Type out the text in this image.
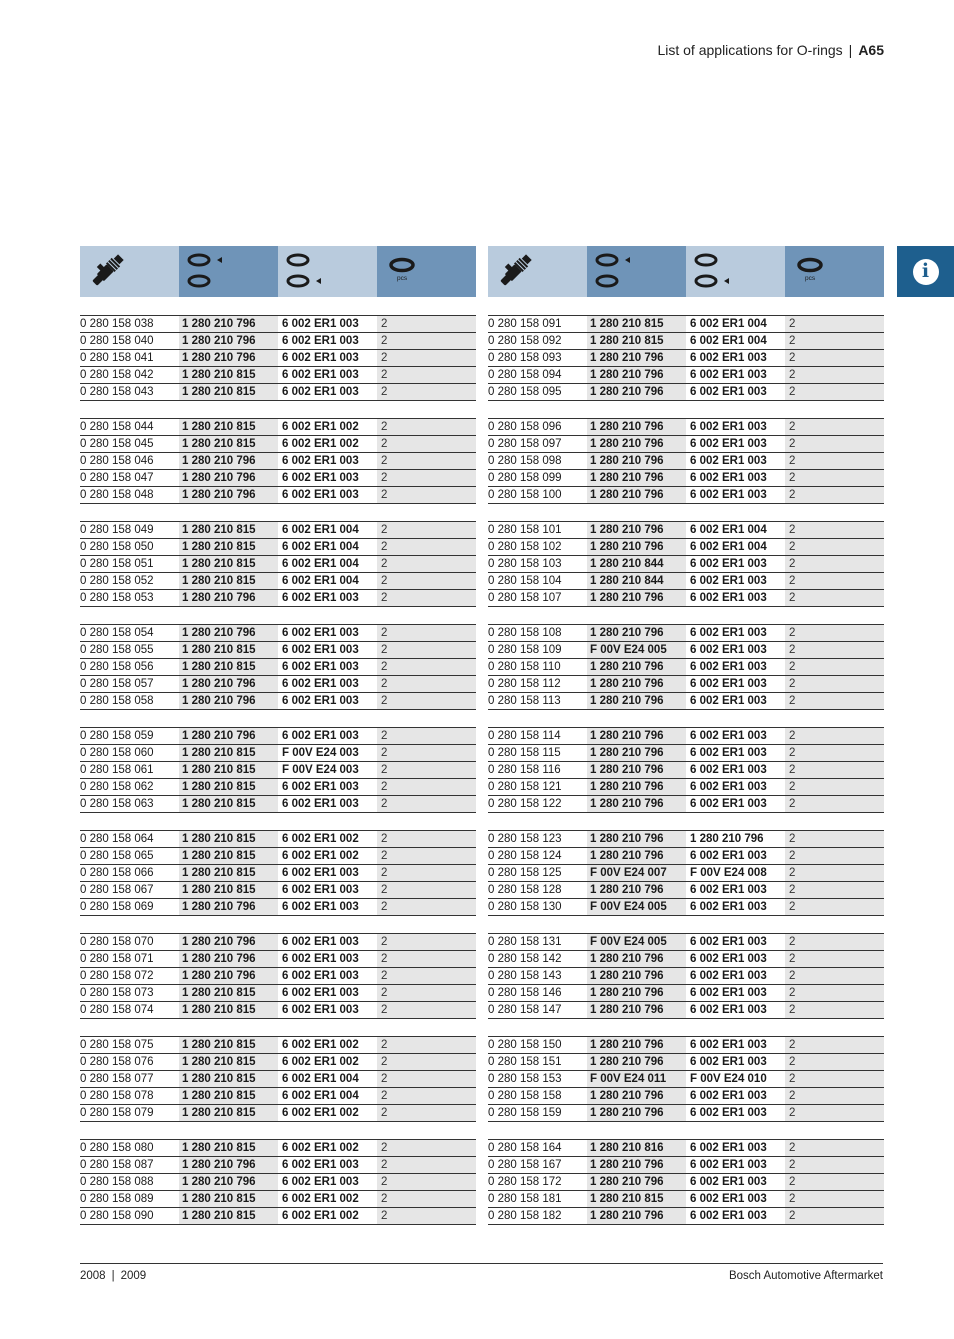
List of applications for O-rings | A65
i
pcs
0 280 158 038	1 280 210 796	6 002 ER1 003	2
0 280 158 040	1 280 210 796	6 002 ER1 003	2
0 280 158 041	1 280 210 796	6 002 ER1 003	2
0 280 158 042	1 280 210 815	6 002 ER1 003	2
0 280 158 043	1 280 210 815	6 002 ER1 003	2
0 280 158 044	1 280 210 815	6 002 ER1 002	2
0 280 158 045	1 280 210 815	6 002 ER1 002	2
0 280 158 046	1 280 210 796	6 002 ER1 003	2
0 280 158 047	1 280 210 796	6 002 ER1 003	2
0 280 158 048	1 280 210 796	6 002 ER1 003	2
0 280 158 049	1 280 210 815	6 002 ER1 004	2
0 280 158 050	1 280 210 815	6 002 ER1 004	2
0 280 158 051	1 280 210 815	6 002 ER1 004	2
0 280 158 052	1 280 210 815	6 002 ER1 004	2
0 280 158 053	1 280 210 796	6 002 ER1 003	2
0 280 158 054	1 280 210 796	6 002 ER1 003	2
0 280 158 055	1 280 210 815	6 002 ER1 003	2
0 280 158 056	1 280 210 815	6 002 ER1 003	2
0 280 158 057	1 280 210 796	6 002 ER1 003	2
0 280 158 058	1 280 210 796	6 002 ER1 003	2
0 280 158 059	1 280 210 796	6 002 ER1 003	2
0 280 158 060	1 280 210 815	F 00V E24 003	2
0 280 158 061	1 280 210 815	F 00V E24 003	2
0 280 158 062	1 280 210 815	6 002 ER1 003	2
0 280 158 063	1 280 210 815	6 002 ER1 003	2
0 280 158 064	1 280 210 815	6 002 ER1 002	2
0 280 158 065	1 280 210 815	6 002 ER1 002	2
0 280 158 066	1 280 210 815	6 002 ER1 003	2
0 280 158 067	1 280 210 815	6 002 ER1 003	2
0 280 158 069	1 280 210 796	6 002 ER1 003	2
0 280 158 070	1 280 210 796	6 002 ER1 003	2
0 280 158 071	1 280 210 796	6 002 ER1 003	2
0 280 158 072	1 280 210 796	6 002 ER1 003	2
0 280 158 073	1 280 210 815	6 002 ER1 003	2
0 280 158 074	1 280 210 815	6 002 ER1 003	2
0 280 158 075	1 280 210 815	6 002 ER1 002	2
0 280 158 076	1 280 210 815	6 002 ER1 002	2
0 280 158 077	1 280 210 815	6 002 ER1 004	2
0 280 158 078	1 280 210 815	6 002 ER1 004	2
0 280 158 079	1 280 210 815	6 002 ER1 002	2
0 280 158 080	1 280 210 815	6 002 ER1 002	2
0 280 158 087	1 280 210 796	6 002 ER1 003	2
0 280 158 088	1 280 210 796	6 002 ER1 003	2
0 280 158 089	1 280 210 815	6 002 ER1 002	2
0 280 158 090	1 280 210 815	6 002 ER1 002	2
pcs
0 280 158 091	1 280 210 815	6 002 ER1 004	2
0 280 158 092	1 280 210 815	6 002 ER1 004	2
0 280 158 093	1 280 210 796	6 002 ER1 003	2
0 280 158 094	1 280 210 796	6 002 ER1 003	2
0 280 158 095	1 280 210 796	6 002 ER1 003	2
0 280 158 096	1 280 210 796	6 002 ER1 003	2
0 280 158 097	1 280 210 796	6 002 ER1 003	2
0 280 158 098	1 280 210 796	6 002 ER1 003	2
0 280 158 099	1 280 210 796	6 002 ER1 003	2
0 280 158 100	1 280 210 796	6 002 ER1 003	2
0 280 158 101	1 280 210 796	6 002 ER1 004	2
0 280 158 102	1 280 210 796	6 002 ER1 004	2
0 280 158 103	1 280 210 844	6 002 ER1 003	2
0 280 158 104	1 280 210 844	6 002 ER1 003	2
0 280 158 107	1 280 210 796	6 002 ER1 003	2
0 280 158 108	1 280 210 796	6 002 ER1 003	2
0 280 158 109	F 00V E24 005	6 002 ER1 003	2
0 280 158 110	1 280 210 796	6 002 ER1 003	2
0 280 158 112	1 280 210 796	6 002 ER1 003	2
0 280 158 113	1 280 210 796	6 002 ER1 003	2
0 280 158 114	1 280 210 796	6 002 ER1 003	2
0 280 158 115	1 280 210 796	6 002 ER1 003	2
0 280 158 116	1 280 210 796	6 002 ER1 003	2
0 280 158 121	1 280 210 796	6 002 ER1 003	2
0 280 158 122	1 280 210 796	6 002 ER1 003	2
0 280 158 123	1 280 210 796	1 280 210 796	2
0 280 158 124	1 280 210 796	6 002 ER1 003	2
0 280 158 125	F 00V E24 007	F 00V E24 008	2
0 280 158 128	1 280 210 796	6 002 ER1 003	2
0 280 158 130	F 00V E24 005	6 002 ER1 003	2
0 280 158 131	F 00V E24 005	6 002 ER1 003	2
0 280 158 142	1 280 210 796	6 002 ER1 003	2
0 280 158 143	1 280 210 796	6 002 ER1 003	2
0 280 158 146	1 280 210 796	6 002 ER1 003	2
0 280 158 147	1 280 210 796	6 002 ER1 003	2
0 280 158 150	1 280 210 796	6 002 ER1 003	2
0 280 158 151	1 280 210 796	6 002 ER1 003	2
0 280 158 153	F 00V E24 011	F 00V E24 010	2
0 280 158 158	1 280 210 796	6 002 ER1 003	2
0 280 158 159	1 280 210 796	6 002 ER1 003	2
0 280 158 164	1 280 210 816	6 002 ER1 003	2
0 280 158 167	1 280 210 796	6 002 ER1 003	2
0 280 158 172	1 280 210 796	6 002 ER1 003	2
0 280 158 181	1 280 210 815	6 002 ER1 003	2
0 280 158 182	1 280 210 796	6 002 ER1 003	2
2008 | 2009	Bosch Automotive Aftermarket
